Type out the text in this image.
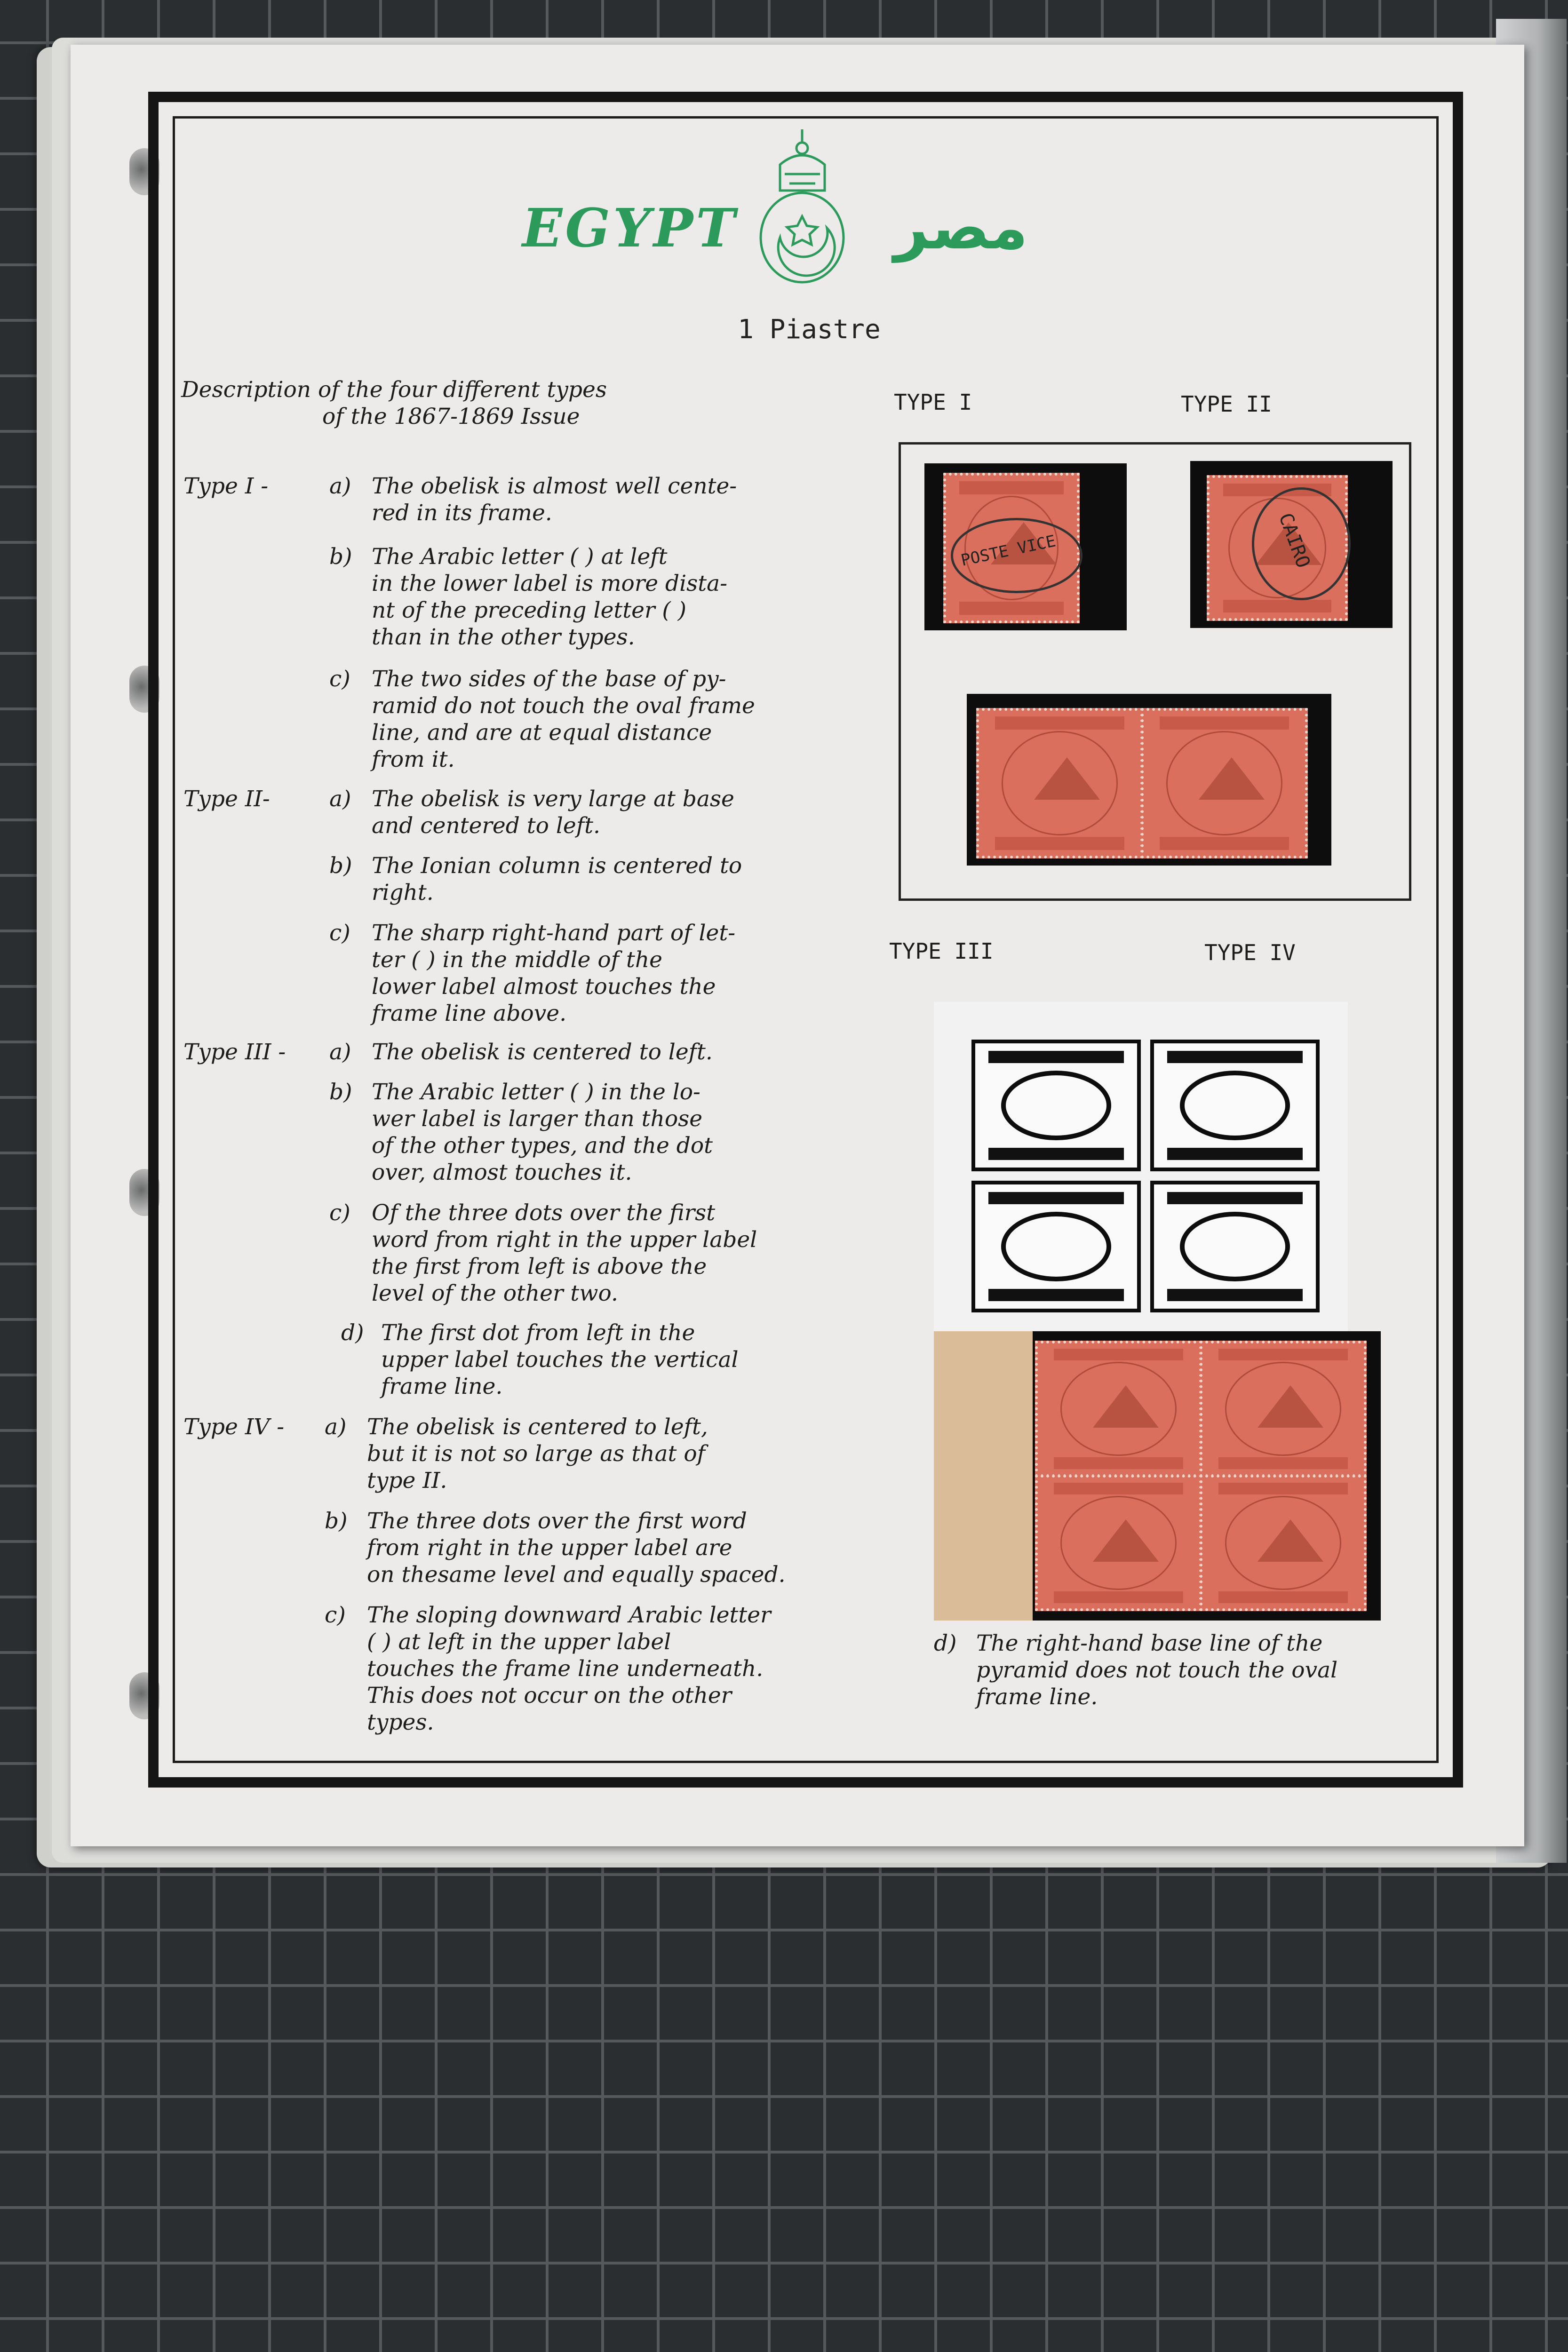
EGYPT	مصر
1 Piastre
Description of the four different types
of the 1867-1869 Issue
Type I -	a) The obelisk is almost well cente-
red in its frame.
b) The Arabic letter ( ) at left
in the lower label is more dista-
nt of the preceding letter ( )
than in the other types.
c) The two sides of the base of py-
ramid do not touch the oval frame
line, and are at equal distance
from it.
Type II-	a) The obelisk is very large at base
and centered to left.
b) The Ionian column is centered to
right.
c) The sharp right-hand part of let-
ter ( ) in the middle of the
lower label almost touches the
frame line above.
Type III - a) The obelisk is centered to left.
b) The Arabic letter ( ) in the lo-
wer label is larger than those
of the other types, and the dot
over, almost touches it.
c) Of the three dots over the first
word from right in the upper label
the first from left is above the
level of the other two.
d) The first dot from left in the
upper label touches the vertical
frame line.
Type IV - a) The obelisk is centered to left,
but it is not so large as that of
type II.
b) The three dots over the first word
from right in the upper label are
on thesame level and equally spaced.
c) The sloping downward Arabic letter
( ) at left in the upper label
touches the frame line underneath.
This does not occur on the other
types.
TYPE I	TYPE II
POSTE VICE	CAIRO
TYPE III	TYPE IV
d) The right-hand base line of the
pyramid does not touch the oval
frame line.
